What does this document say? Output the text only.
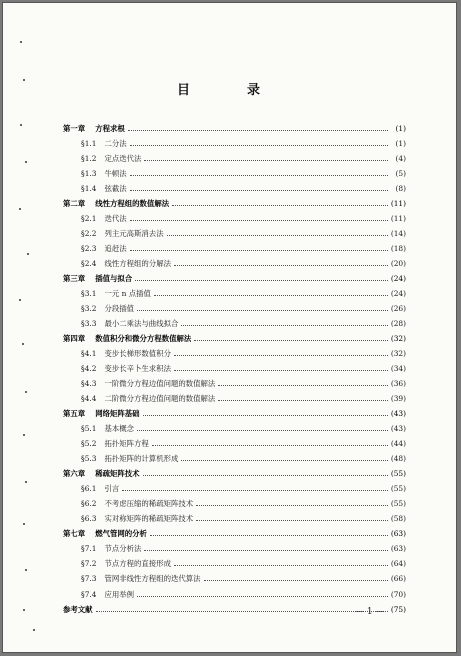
目　录
第一章 方程求根	(1)
§1.1 二分法	(1)
§1.2 定点迭代法	(4)
§1.3 牛顿法	(5)
§1.4 弦截法	(8)
第二章 线性方程组的数值解法	(11)
§2.1 迭代法	(11)
§2.2 列主元高斯消去法	(14)
§2.3 追赶法	(18)
§2.4 线性方程组的分解法	(20)
第三章 插值与拟合	(24)
§3.1 一元 n 点插值	(24)
§3.2 分段插值	(26)
§3.3 最小二乘法与曲线拟合	(28)
第四章 数值积分和微分方程数值解法	(32)
§4.1 变步长梯形数值积分	(32)
§4.2 变步长辛卜生求积法	(34)
§4.3 一阶微分方程边值问题的数值解法	(36)
§4.4 二阶微分方程边值问题的数值解法	(39)
第五章 网络矩阵基础	(43)
§5.1 基本概念	(43)
§5.2 拓扑矩阵方程	(44)
§5.3 拓扑矩阵的计算机形成	(48)
第六章 稀疏矩阵技术	(55)
§6.1 引言	(55)
§6.2 不考虑压缩的稀疏矩阵技术	(55)
§6.3 实对称矩阵的稀疏矩阵技术	(58)
第七章 燃气管网的分析	(63)
§7.1 节点分析法	(63)
§7.2 节点方程的直接形成	(64)
§7.3 管网非线性方程组的迭代算法	(66)
§7.4 应用举例	(70)
参考文献	(75)
— 1 —
